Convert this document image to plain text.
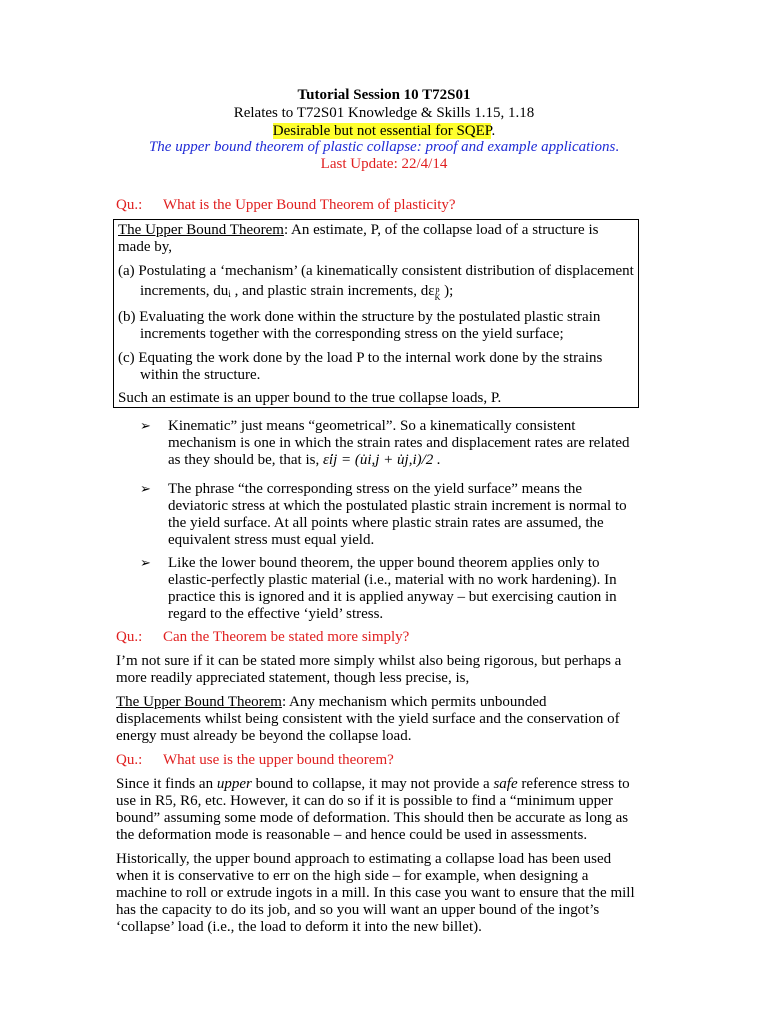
Tutorial Session 10 T72S01
Relates to T72S01 Knowledge & Skills 1.15, 1.18
Desirable but not essential for SQEP.
The upper bound theorem of plastic collapse: proof and example applications.
Last Update: 22/4/14
Qu.: What is the Upper Bound Theorem of plasticity?
The Upper Bound Theorem: An estimate, P, of the collapse load of a structure is
made by,
(a) Postulating a ‘mechanism’ (a kinematically consistent distribution of displacement
increments, $du_i$ , and plastic strain increments, dεp
K );
(b) Evaluating the work done within the structure by the postulated plastic strain
increments together with the corresponding stress on the yield surface;
(c) Equating the work done by the load P to the internal work done by the strains
within the structure.
Such an estimate is an upper bound to the true collapse loads, P.
➢ Kinematic” just means “geometrical”. So a kinematically consistent
mechanism is one in which the strain rates and displacement rates are related
as they should be, that is, ε̇ij = (u̇i,j + u̇j,i)/2 .
➢ The phrase “the corresponding stress on the yield surface” means the
deviatoric stress at which the postulated plastic strain increment is normal to
the yield surface. At all points where plastic strain rates are assumed, the
equivalent stress must equal yield.
➢ Like the lower bound theorem, the upper bound theorem applies only to
elastic-perfectly plastic material (i.e., material with no work hardening). In
practice this is ignored and it is applied anyway – but exercising caution in
regard to the effective ‘yield’ stress.
Qu.: Can the Theorem be stated more simply?
I’m not sure if it can be stated more simply whilst also being rigorous, but perhaps a
more readily appreciated statement, though less precise, is,
The Upper Bound Theorem: Any mechanism which permits unbounded
displacements whilst being consistent with the yield surface and the conservation of
energy must already be beyond the collapse load.
Qu.: What use is the upper bound theorem?
Since it finds an upper bound to collapse, it may not provide a safe reference stress to
use in R5, R6, etc. However, it can do so if it is possible to find a “minimum upper
bound” assuming some mode of deformation. This should then be accurate as long as
the deformation mode is reasonable – and hence could be used in assessments.
Historically, the upper bound approach to estimating a collapse load has been used
when it is conservative to err on the high side – for example, when designing a
machine to roll or extrude ingots in a mill. In this case you want to ensure that the mill
has the capacity to do its job, and so you will want an upper bound of the ingot’s
‘collapse’ load (i.e., the load to deform it into the new billet).
